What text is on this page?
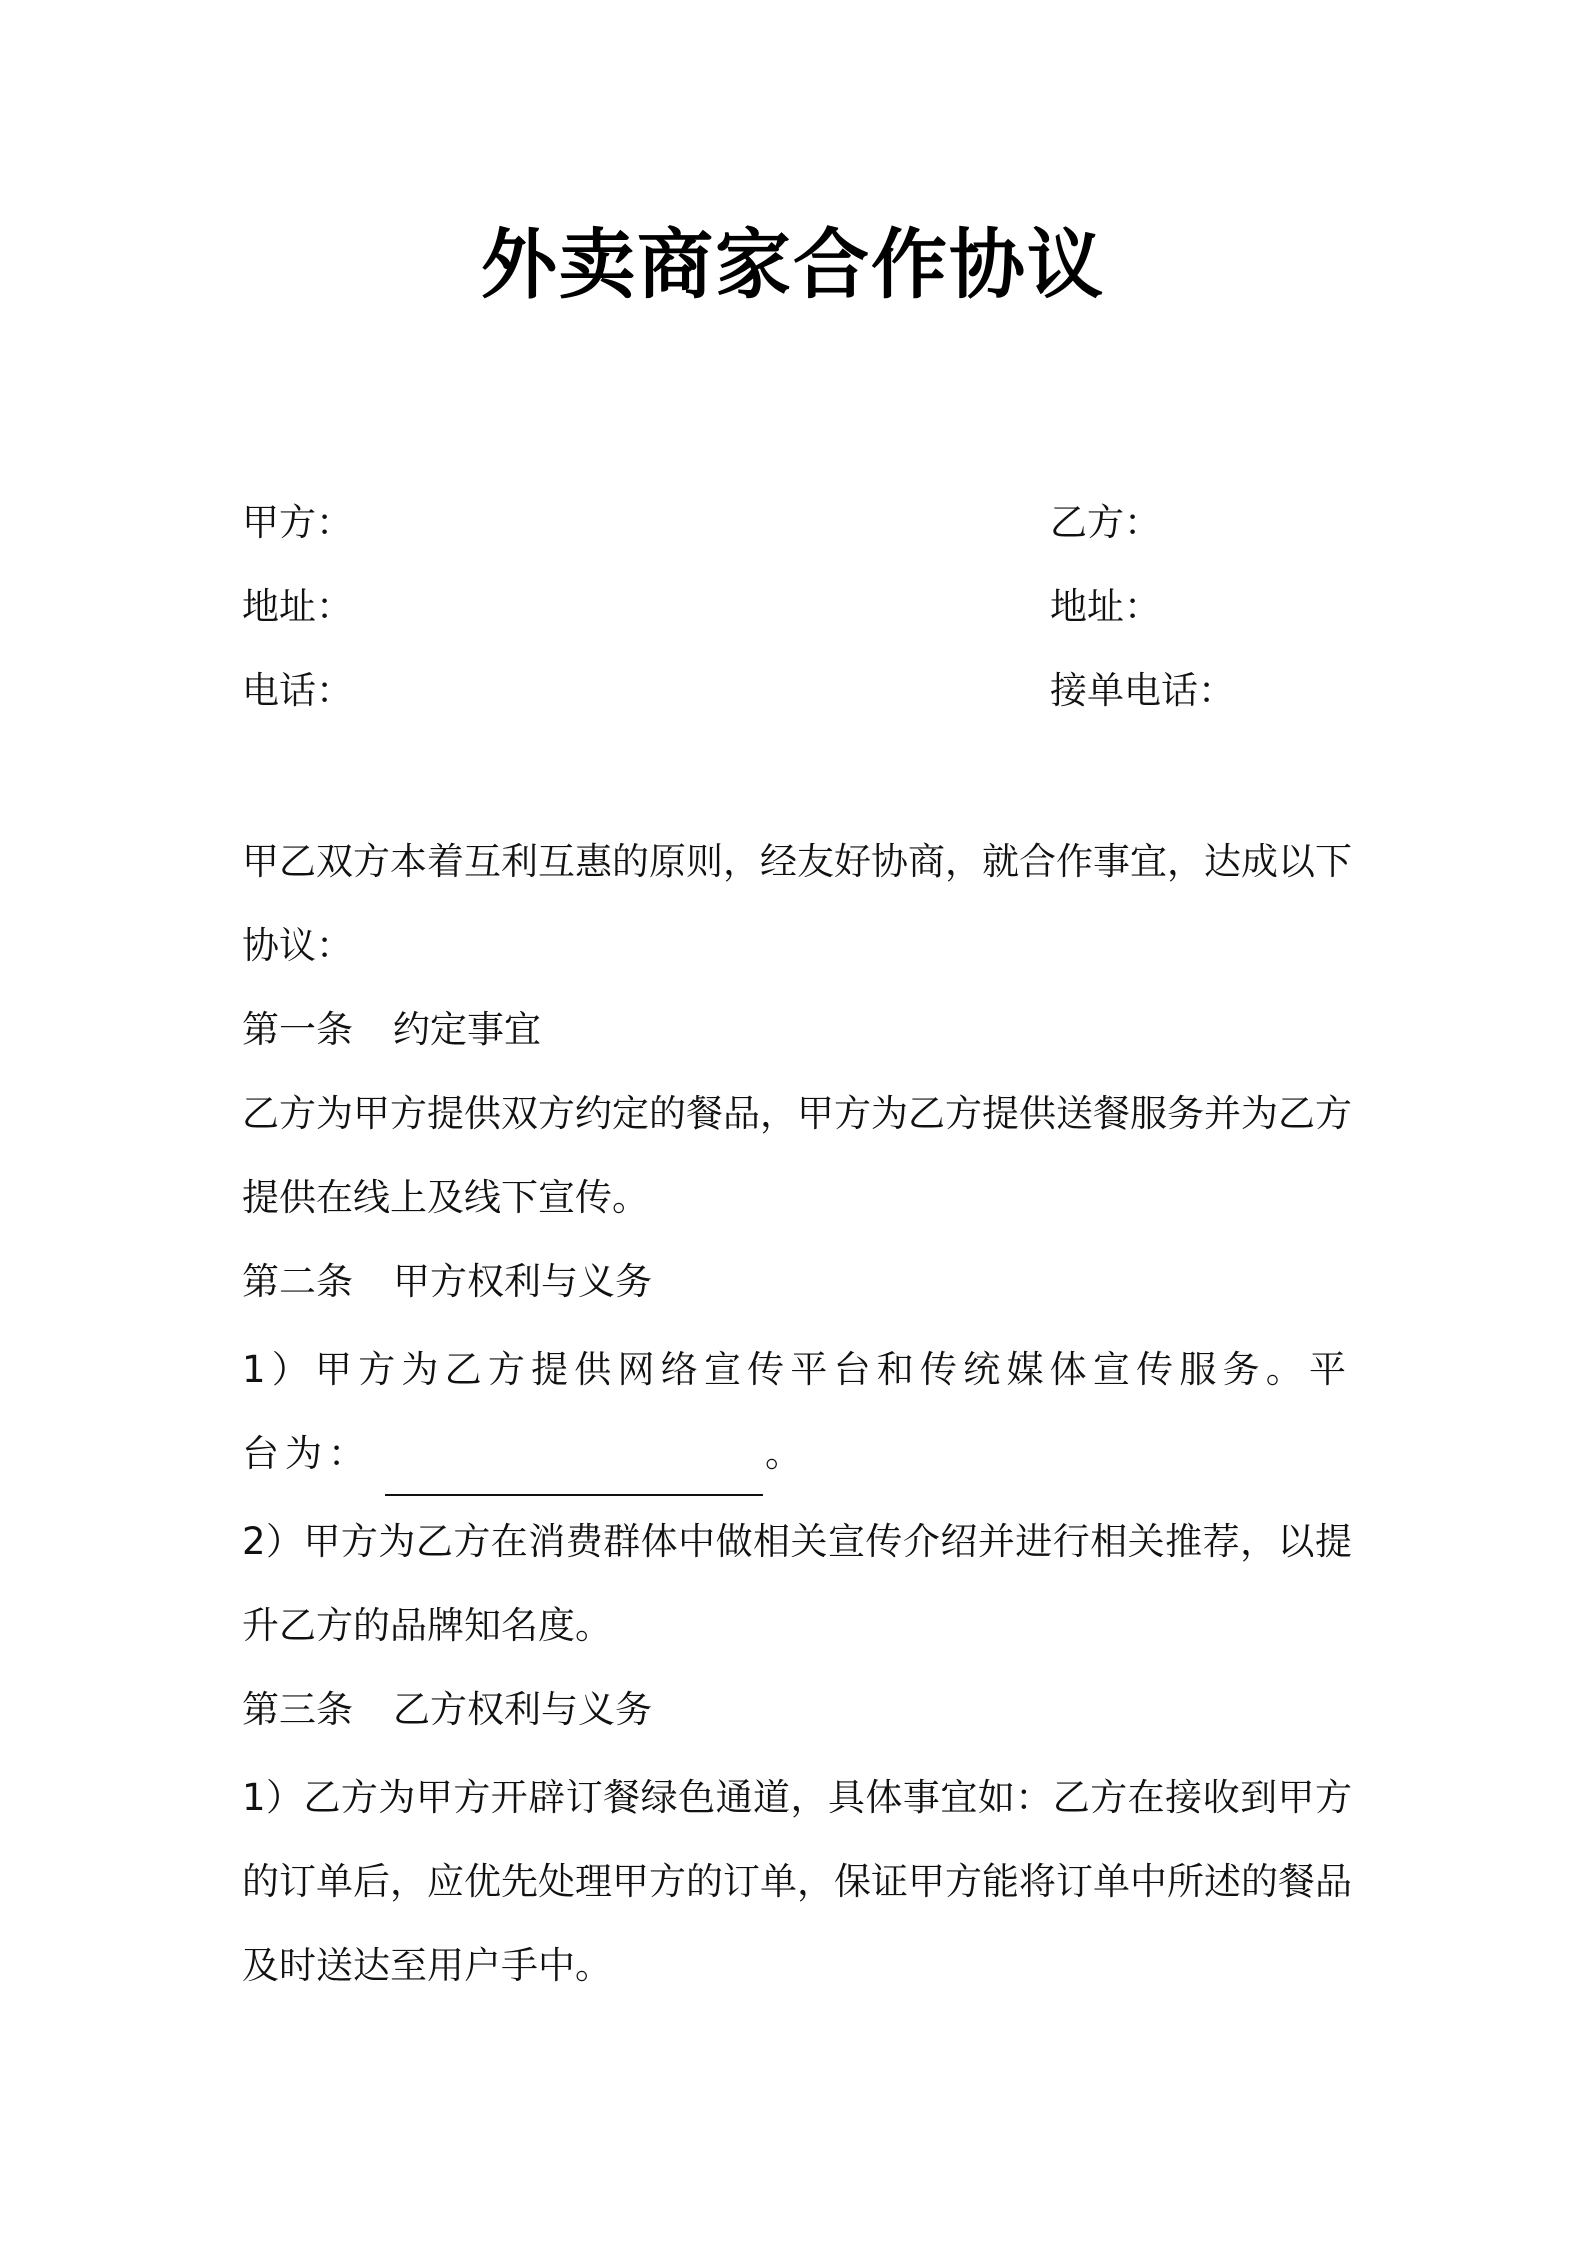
外卖商家合作协议
甲方：	乙方：
地址：	地址：
电话：	接单电话：

甲乙双方本着互利互惠的原则，经友好协商，就合作事宜，达成以下协议：

第一条 约定事宜

乙方为甲方提供双方约定的餐品，甲方为乙方提供送餐服务并为乙方提供在线上及线下宣传。

第二条 甲方权利与义务

1）甲方为乙方提供网络宣传平台和传统媒体宣传服务。平台为：	。

2）甲方为乙方在消费群体中做相关宣传介绍并进行相关推荐，以提升乙方的品牌知名度。

第三条 乙方权利与义务

1）乙方为甲方开辟订餐绿色通道，具体事宜如：乙方在接收到甲方的订单后，应优先处理甲方的订单，保证甲方能将订单中所述的餐品及时送达至用户手中。
